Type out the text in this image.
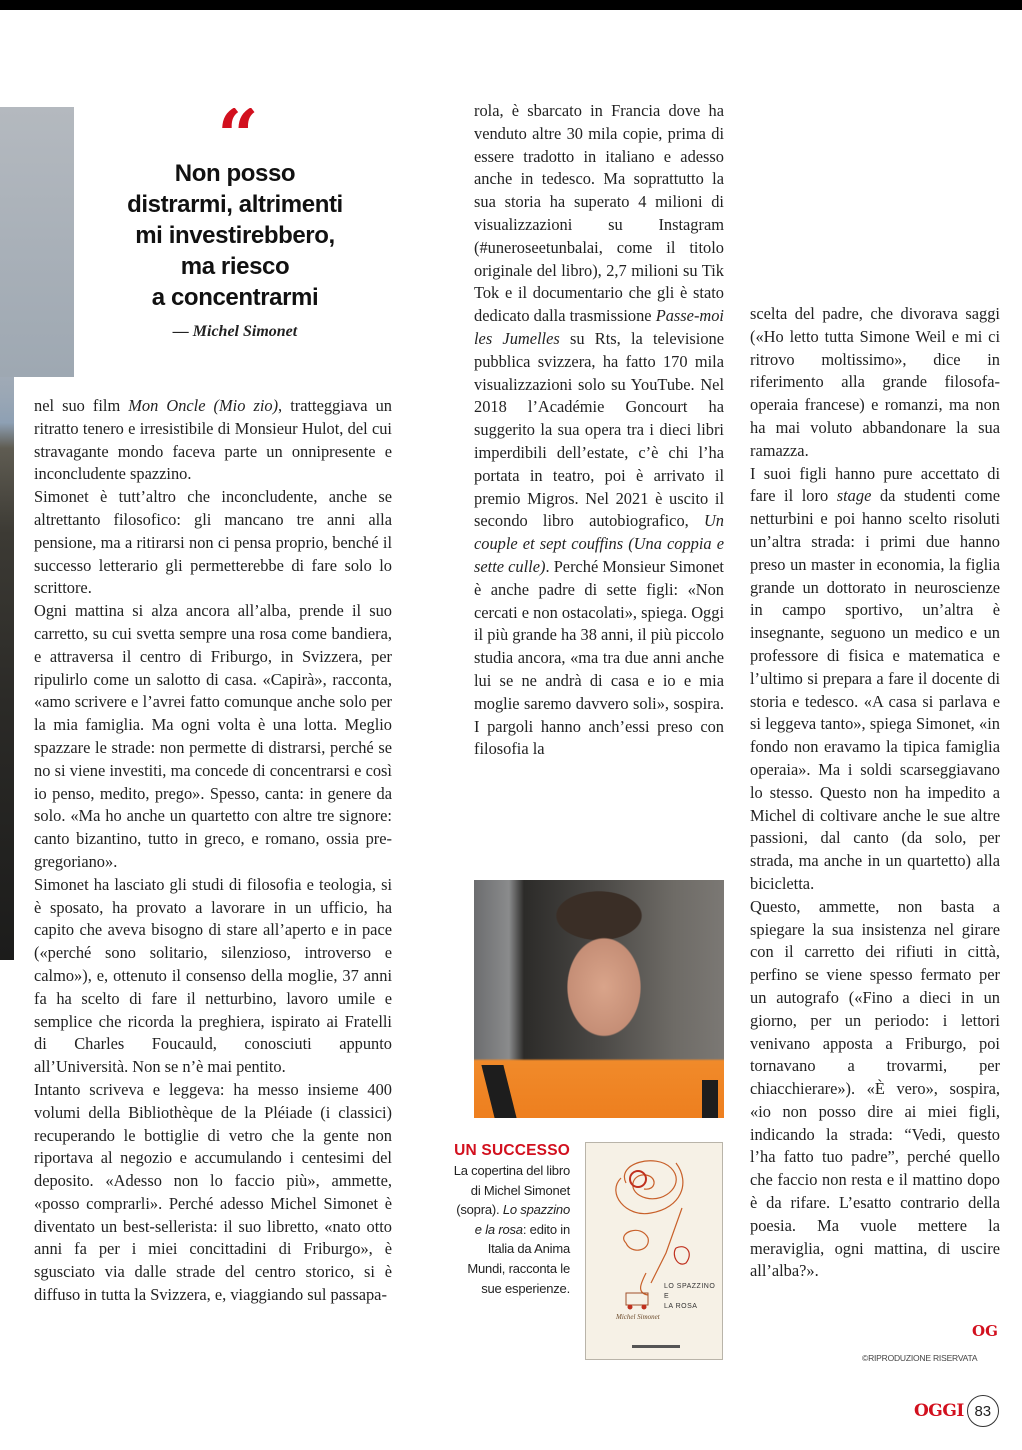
“
Non posso
distrarmi, altrimenti
mi investirebbero,
ma riesco
a concentrarmi
— Michel Simonet

nel suo film Mon Oncle (Mio zio), tratteggiava un ritratto tenero e irresistibile di Monsieur Hulot, del cui stravagante mondo faceva parte un onnipresente e inconcludente spazzino.

Simonet è tutt’altro che inconcludente, anche se altrettanto filosofico: gli mancano tre anni alla pensione, ma a ritirarsi non ci pensa proprio, benché il successo letterario gli permetterebbe di fare solo lo scrittore.

Ogni mattina si alza ancora all’alba, prende il suo carretto, su cui svetta sempre una rosa come bandiera, e attraversa il centro di Friburgo, in Svizzera, per ripulirlo come un salotto di casa. «Capirà», racconta, «amo scrivere e l’avrei fatto comunque anche solo per la mia famiglia. Ma ogni volta è una lotta. Meglio spazzare le strade: non permette di distrarsi, perché se no si viene investiti, ma concede di concentrarsi e così io penso, medito, prego». Spesso, canta: in genere da solo. «Ma ho anche un quartetto con altre tre signore: canto bizantino, tutto in greco, e romano, ossia pre-gregoriano».

Simonet ha lasciato gli studi di filosofia e teologia, si è sposato, ha provato a lavorare in un ufficio, ha capito che aveva bisogno di stare all’aperto e in pace («perché sono solitario, silenzioso, introverso e calmo»), e, ottenuto il consenso della moglie, 37 anni fa ha scelto di fare il netturbino, lavoro umile e semplice che ricorda la preghiera, ispirato ai Fratelli di Charles Foucauld, conosciuti appunto all’Università. Non se n’è mai pentito.

Intanto scriveva e leggeva: ha messo insieme 400 volumi della Bibliothèque de la Pléiade (i classici) recuperando le bottiglie di vetro che la gente non riportava al negozio e accumulando i centesimi del deposito. «Adesso non lo faccio più», ammette, «posso comprarli». Perché adesso Michel Simonet è diventato un best-sellerista: il suo libretto, «nato otto anni fa per i miei concittadini di Friburgo», è sgusciato via dalle strade del centro storico, si è diffuso in tutta la Svizzera, e, viaggiando sul passapa-

rola, è sbarcato in Francia dove ha venduto altre 30 mila copie, prima di essere tradotto in italiano e adesso anche in tedesco. Ma soprattutto la sua storia ha superato 4 milioni di visualizzazioni su Instagram (#uneroseetunbalai, come il titolo originale del libro), 2,7 milioni su Tik Tok e il documentario che gli è stato dedicato dalla trasmissione Passe-moi les Jumelles su Rts, la televisione pubblica svizzera, ha fatto 170 mila visualizzazioni solo su YouTube. Nel 2018 l’Académie Goncourt ha suggerito la sua opera tra i dieci libri imperdibili dell’estate, c’è chi l’ha portata in teatro, poi è arrivato il premio Migros. Nel 2021 è uscito il secondo libro autobiografico, Un couple et sept couffins (Una coppia e sette culle). Perché Monsieur Simonet è anche padre di sette figli: «Non cercati e non ostacolati», spiega. Oggi il più grande ha 38 anni, il più piccolo studia ancora, «ma tra due anni anche lui se ne andrà di casa e io e mia moglie saremo davvero soli», sospira. I pargoli hanno anch’essi preso con filosofia la

UN SUCCESSO
La copertina del libro di Michel Simonet (sopra). Lo spazzino e la rosa: edito in Italia da Anima Mundi, racconta le sue esperienze.	LO SPAZZINO
E
LA ROSA
Michel Simonet

scelta del padre, che divorava saggi («Ho letto tutta Simone Weil e mi ci ritrovo moltissimo», dice in riferimento alla grande filosofa-operaia francese) e romanzi, ma non ha mai voluto abbandonare la sua ramazza.

I suoi figli hanno pure accettato di fare il loro stage da studenti come netturbini e poi hanno scelto risoluti un’altra strada: i primi due hanno preso un master in economia, la figlia grande un dottorato in neuroscienze in campo sportivo, un’altra è insegnante, seguono un medico e un professore di fisica e matematica e l’ultimo si prepara a fare il docente di storia e tedesco. «A casa si parlava e si leggeva tanto», spiega Simonet, «in fondo non eravamo la tipica famiglia operaia». Ma i soldi scarseggiavano lo stesso. Questo non ha impedito a Michel di coltivare anche le sue altre passioni, dal canto (da solo, per strada, ma anche in un quartetto) alla bicicletta.

Questo, ammette, non basta a spiegare la sua insistenza nel girare con il carretto dei rifiuti in città, perfino se viene spesso fermato per un autografo («Fino a dieci in un giorno, per un periodo: i lettori venivano apposta a Friburgo, poi tornavano a trovarmi, per chiacchierare»). «È vero», sospira, «io non posso dire ai miei figli, indicando la strada: “Vedi, questo l’ha fatto tuo padre”, perché quello che faccio non resta e il mattino dopo è da rifare. L’esatto contrario della poesia. Ma vuole mettere la meraviglia, ogni mattina, di uscire all’alba?».

OG
©RIPRODUZIONE RISERVATA
OGGI 83
